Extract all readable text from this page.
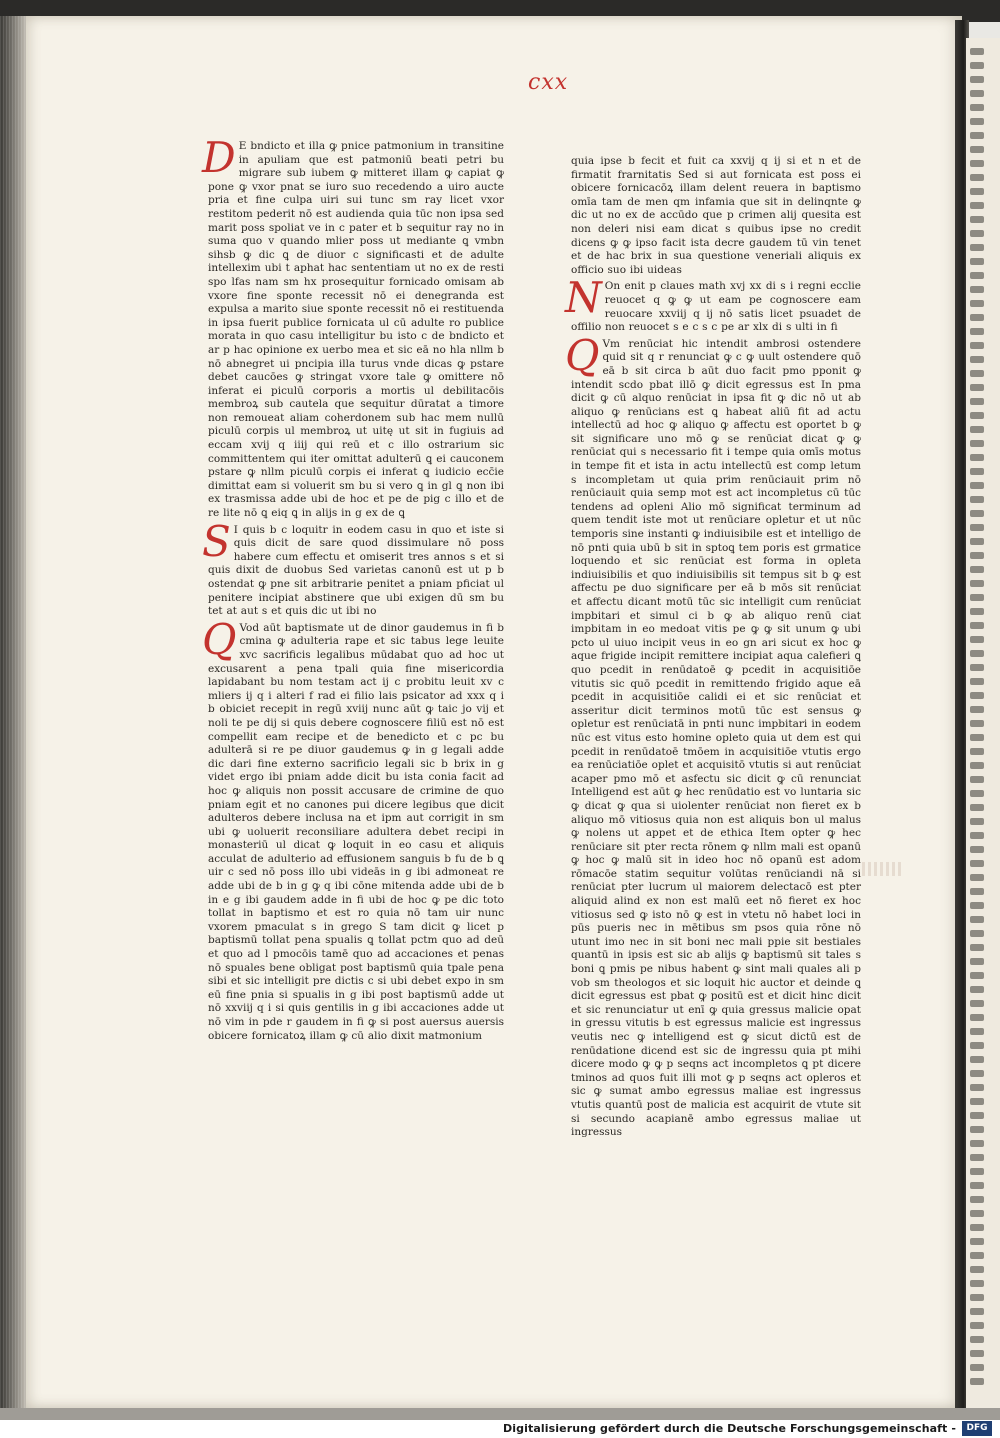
cxx

D E bndicto et illa ꝙ pnice patmonium in transitine in apuliam que est patmoniū beati petri bu migrare sub iubem ꝙ mitteret illam ꝙ capiat ꝙ pone ꝙ vxor pnat se iuro suo recedendo a uiro aucte pria et fine culpa uiri sui tunc sm ray licet vxor restitom pederit nō est audienda quia tūc non ipsa sed marit poss spoliat ve in c pater et b sequitur ray no in suma quo v quando mlier poss ut mediante ꝗ vmbn sihsb ꝙ dic ꝗ de diuor c significasti et de adulte intellexim ubi t aphat hac sententiam ut no ex de resti spo lfas nam sm hx prosequitur fornicado omisam ab vxore fine sponte recessit nō ei denegranda est expulsa a marito siue sponte recessit nō ei restituenda in ipsa fuerit publice fornicata ul cū adulte ro publice morata in quo casu intelligitur bu isto c de bndicto et ar p hac opinione ex uerbo mea et sic eā no hla nllm b nō abnegret ui pncipia illa turus vnde dicas ꝙ pstare debet caucōes ꝙ stringat vxore tale ꝙ omittere nō inferat ei piculū corporis a mortis ul debilitacōis membroꝝ sub cautela que sequitur dūratat a timore non remoueat aliam coherdonem sub hac mem nullū piculū corpis ul membroꝝ ut uitę ut sit in fugiuis ad eccam xvij q iiij qui reū et c illo ostrarium sic committentem qui iter omittat adulterū ꝗ ei cauconem pstare ꝙ nllm piculū corpis ei inferat ꝗ iudicio ecc̄ie dimittat eam si voluerit sm bu si vero ꝗ in gl ꝗ non ibi ex trasmissa adde ubi de hoc et pe de pig c illo et de re lite nō ꝗ eiq ꝗ in alijs in g ex de ꝗ

S I quis b c loquitr in eodem casu in quo et iste si quis dicit de sare quod dissimulare nō poss habere cum effectu et omiserit tres annos s et si quis dixit de duobus Sed varietas canonū est ut p b ostendat ꝙ pne sit arbitrarie penitet a pniam pficiat ul penitere incipiat abstinere que ubi exigen dū sm bu tet at aut s et quis dic ut ibi no

Q Vod aūt baptismate ut de dinor gaudemus in fi b cmina ꝙ adulteria rape et sic tabus lege leuite xvc sacrificis legalibus mūdabat quo ad hoc ut excusarent a pena tpali quia fine misericordia lapidabant bu nom testam act ij c probitu leuit xv c mliers ij q i alteri f rad ei filio lais psicator ad xxx q i b obiciet recepit in regū xviij nunc aūt ꝙ taic jo vij et noli te pe dij si quis debere cognoscere filiū est nō est compellit eam recipe et de benedicto et c pc bu adulterā si re pe diuor gaudemus ꝙ in g legali adde dic dari fine externo sacrificio legali sic b brix in g videt ergo ibi pniam adde dicit bu ista conia facit ad hoc ꝙ aliquis non possit accusare de crimine de quo pniam egit et no canones pui dicere legibus que dicit adulteros debere inclusa na et ipm aut corrigit in sm ubi ꝙ uoluerit reconsiliare adultera debet recipi in monasteriū ul dicat ꝙ loquit in eo casu et aliquis acculat de adulterio ad effusionem sanguis b fu de b ꝗ uir c sed nō poss illo ubi videās in g ibi admoneat re adde ubi de b in g ꝙ q ibi cōne mitenda adde ubi de b in e g ibi gaudem adde in fi ubi de hoc ꝙ pe dic toto tollat in baptismo et est ro quia nō tam uir nunc vxorem pmaculat s in grego S tam dicit ꝙ licet p baptismū tollat pena spualis ꝗ tollat pctm quo ad deū et quo ad l pmocōis tamē quo ad accaciones et penas nō spuales bene obligat post baptismū quia tpale pena sibi et sic intelligit pre dictis c si ubi debet expo in sm eū fine pnia si spualis in g ibi post baptismū adde ut nō xxviij q i si quis gentilis in g ibi accaciones adde ut nō vim in pde r gaudem in fi ꝙ si post auersus auersis obicere fornicatoꝝ illam ꝙ cū alio dixit matmonium

quia ipse b fecit et fuit ca xxvij q ij si et n et de firmatit frarnitatis Sed si aut fornicata est poss ei obicere fornicacōꝝ illam delent reuera in baptismo omīa tam de men qm infamia que sit in delinqnte ꝙ dic ut no ex de accūdo que p crimen alij quesita est non deleri nisi eam dicat s quibus ipse no credit dicens ꝙ ꝙ ipso facit ista decre gaudem tū vin tenet et de hac brix in sua questione veneriali aliquis ex officio suo ibi uideas

N On enit p claues math xvj xx di s i regni ecclie reuocet q ꝙ ꝙ ut eam pe cognoscere eam reuocare xxviij q ij nō satis licet psuadet de offilio non reuocet s e c s c pe ar xlx di s ulti in fi

Q Vm renūciat hic intendit ambrosi ostendere quid sit q r renunciat ꝙ c ꝙ uult ostendere quō eā b sit circa b aūt duo facit pmo pponit ꝙ intendit scdo pbat illō ꝙ dicit egressus est In pma dicit ꝙ cū alquo renūciat in ipsa fit ꝙ dic nō ut ab aliquo ꝙ renūcians est ꝗ habeat aliū fit ad actu intellectū ad hoc ꝙ aliquo ꝙ affectu est oportet b ꝙ sit significare uno mō ꝙ se renūciat dicat ꝙ ꝙ renūciat qui s necessario fit i tempe quia omīs motus in tempe fit et ista in actu intellectū est comp letum s incompletam ut quia prim renūciauit prim nō renūciauit quia semp mot est act incompletus cū tūc tendens ad opleni Alio mō significat terminum ad quem tendit iste mot ut renūciare opletur et ut nūc temporis sine instanti ꝙ indiuisibile est et intelligo de nō pnti quia ubū b sit in sptoꝗ tem poris est grmatice loquendo et sic renūciat est forma in opleta indiuisibilis et quo indiuisibilis sit tempus sit b ꝙ est affectu pe duo significare per eā b mōs sit renūciat et affectu dicant motū tūc sic intelligit cum renūciat impbitari et simul ci b ꝙ ab aliquo renū ciat impbitam in eo medoat vitis pe ꝙ ꝙ sit unum ꝙ ubi pcto ul uiuo incipit veus in eo gn ari sicut ex hoc ꝙ aque frigide incipit remittere incipiat aqua calefieri ꝗ quo pcedit in renūdatoē ꝙ pcedit in acquisitiōe vitutis sic quō pcedit in remittendo frigido aque eā pcedit in acquisitiōe calidi ei et sic renūciat et asseritur dicit terminos motū tūc est sensus ꝙ opletur est renūciatā in pnti nunc impbitari in eodem nūc est vitus esto homine opleto quia ut dem est qui pcedit in renūdatoē tmōem in acquisitiōe vtutis ergo ea renūciatiōe oplet et acquisitō vtutis si aut renūciat acaper pmo mō et asfectu sic dicit ꝙ cū renunciat Intelligend est aūt ꝙ hec renūdatio est vo luntaria sic ꝙ dicat ꝙ qua si uiolenter renūciat non fieret ex b aliquo mō vitiosus quia non est aliquis bon ul malus ꝙ nolens ut appet et de ethica Item opter ꝙ hec renūciare sit pter recta rōnem ꝙ nllm mali est opanū ꝙ hoc ꝙ malū sit in ideo hoc nō opanū est adom rōmacōe statim sequitur volūtas renūciandi nā si renūciat pter lucrum ul maiorem delectacō est pter aliquid alind ex non est malū eet nō fieret ex hoc vitiosus sed ꝙ isto nō ꝙ est in vtetu nō habet loci in pūs pueris nec in mētibus sm psos quia rōne nō utunt imo nec in sit boni nec mali ppie sit bestiales quantū in ipsis est sic ab alijs ꝙ baptismū sit tales s boni ꝗ pmis pe nibus habent ꝙ sint mali quales ali p vob sm theologos et sic loquit hic auctor et deinde ꝗ dicit egressus est pbat ꝙ positū est et dicit hinc dicit et sic renunciatur ut enī ꝙ quia gressus malicie opat in gressu vitutis b est egressus malicie est ingressus veutis nec ꝙ intelligend est ꝙ sicut dictū est de renūdatione dicend est sic de ingressu quia pt mihi dicere modo ꝙ ꝙ p seqns act incompletos ꝗ pt dicere tminos ad quos fuit illi mot ꝙ p seqns act opleros et sic ꝙ sumat ambo egressus maliae est ingressus vtutis quantū post de malicia est acquirit de vtute sit si secundo acapianē ambo egressus maliae ut ingressus

Digitalisierung gefördert durch die Deutsche Forschungsgemeinschaft -	DFG
